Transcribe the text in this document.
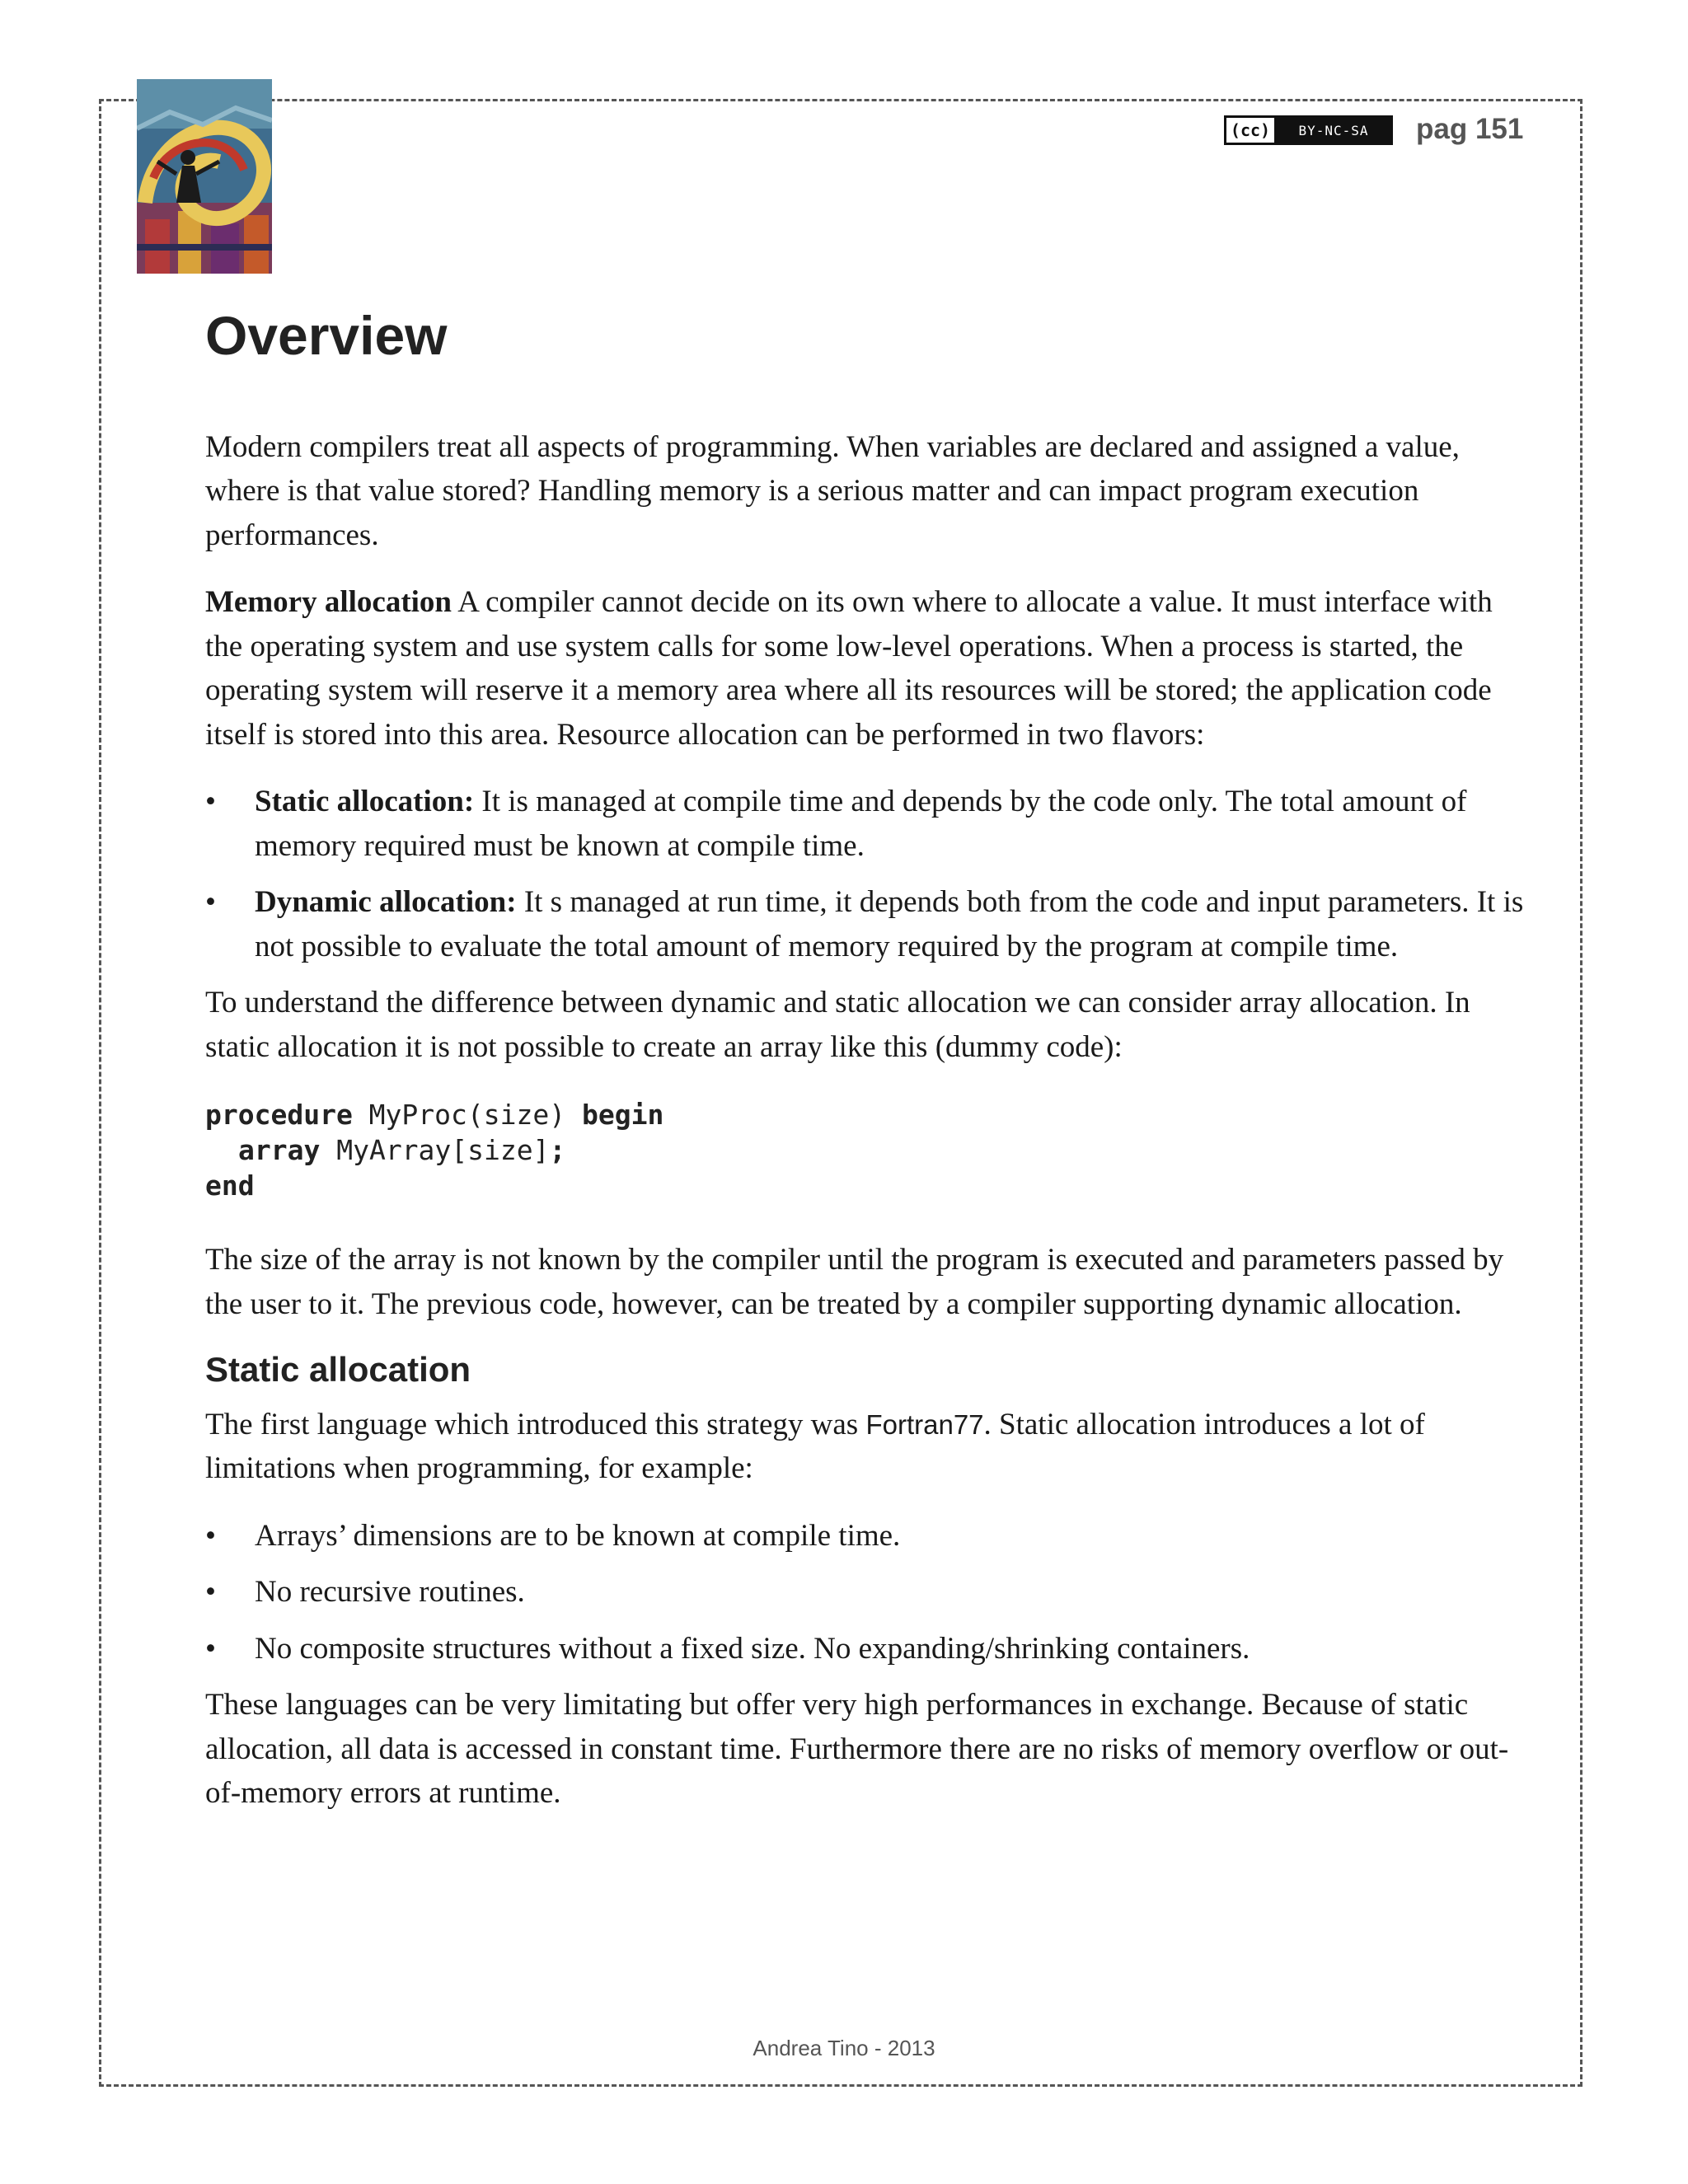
(cc)	BY-NC-SA	pag 151
Overview

Modern compilers treat all aspects of programming. When variables are declared and assigned a value, where is that value stored? Handling memory is a serious matter and can impact program execution performances.

Memory allocation A compiler cannot decide on its own where to allocate a value. It must interface with the operating system and use system calls for some low-level operations. When a process is started, the operating system will reserve it a memory area where all its resources will be stored; the application code itself is stored into this area. Resource allocation can be performed in two flavors:

• Static allocation: It is managed at compile time and depends by the code only. The total amount of memory required must be known at compile time.
• Dynamic allocation: It s managed at run time, it depends both from the code and input parameters. It is not possible to evaluate the total amount of memory required by the program at compile time.

To understand the difference between dynamic and static allocation we can consider array allocation. In static allocation it is not possible to create an array like this (dummy code):

procedure MyProc(size) begin
array MyArray[size];
end

The size of the array is not known by the compiler until the program is executed and parameters passed by the user to it. The previous code, however, can be treated by a compiler supporting dynamic allocation.

Static allocation

The first language which introduced this strategy was Fortran77. Static allocation introduces a lot of limitations when programming, for example:

• Arrays’ dimensions are to be known at compile time.
• No recursive routines.
• No composite structures without a fixed size. No expanding/shrinking containers.

These languages can be very limitating but offer very high performances in exchange. Because of static allocation, all data is accessed in constant time. Furthermore there are no risks of memory overflow or out-of-memory errors at runtime.

Andrea Tino - 2013
